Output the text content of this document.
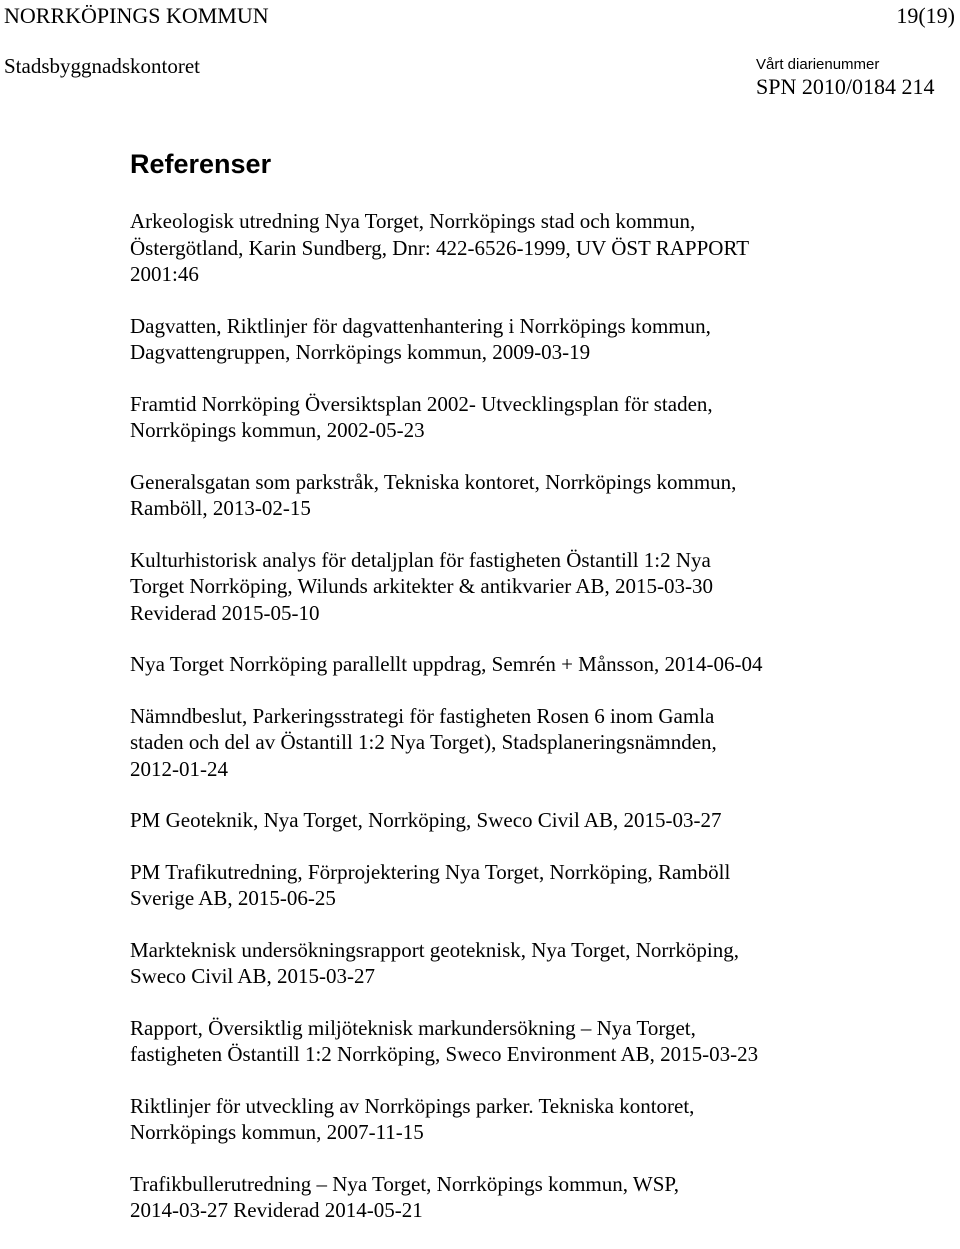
NORRKÖPINGS KOMMUN	19(19)
Stadsbyggnadskontoret	Vårt diarienummer
SPN 2010/0184 214
Referenser

Arkeologisk utredning Nya Torget, Norrköpings stad och kommun,
Östergötland, Karin Sundberg, Dnr: 422-6526-1999, UV ÖST RAPPORT
2001:46

Dagvatten, Riktlinjer för dagvattenhantering i Norrköpings kommun,
Dagvattengruppen, Norrköpings kommun, 2009-03-19

Framtid Norrköping Översiktsplan 2002- Utvecklingsplan för staden,
Norrköpings kommun, 2002-05-23

Generalsgatan som parkstråk, Tekniska kontoret, Norrköpings kommun,
Ramböll, 2013-02-15

Kulturhistorisk analys för detaljplan för fastigheten Östantill 1:2 Nya
Torget Norrköping, Wilunds arkitekter & antikvarier AB, 2015-03-30
Reviderad 2015-05-10

Nya Torget Norrköping parallellt uppdrag, Semrén + Månsson, 2014-06-04

Nämndbeslut, Parkeringsstrategi för fastigheten Rosen 6 inom Gamla
staden och del av Östantill 1:2 Nya Torget), Stadsplaneringsnämnden,
2012-01-24

PM Geoteknik, Nya Torget, Norrköping, Sweco Civil AB, 2015-03-27

PM Trafikutredning, Förprojektering Nya Torget, Norrköping, Ramböll
Sverige AB, 2015-06-25

Markteknisk undersökningsrapport geoteknisk, Nya Torget, Norrköping,
Sweco Civil AB, 2015-03-27

Rapport, Översiktlig miljöteknisk markundersökning – Nya Torget,
fastigheten Östantill 1:2 Norrköping, Sweco Environment AB, 2015-03-23

Riktlinjer för utveckling av Norrköpings parker. Tekniska kontoret,
Norrköpings kommun, 2007-11-15

Trafikbullerutredning – Nya Torget, Norrköpings kommun, WSP,
2014-03-27 Reviderad 2014-05-21
